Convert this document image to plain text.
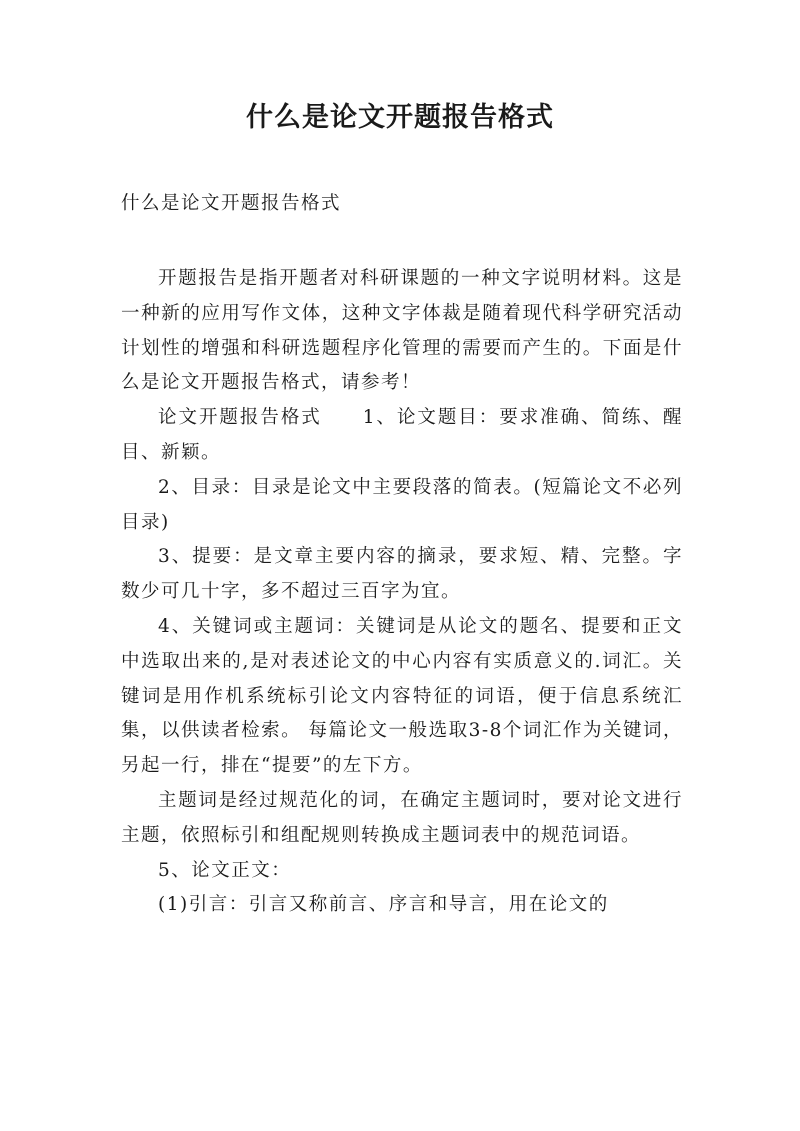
什么是论文开题报告格式

什么是论文开题报告格式

开题报告是指开题者对科研课题的一种文字说明材料。这是一种新的应用写作文体，这种文字体裁是随着现代科学研究活动计划性的增强和科研选题程序化管理的需要而产生的。下面是什么是论文开题报告格式，请参考！

论文开题报告格式　　1、论文题目：要求准确、简练、醒目、新颖。

2、目录：目录是论文中主要段落的简表。(短篇论文不必列目录)

3、提要：是文章主要内容的摘录，要求短、精、完整。字数少可几十字，多不超过三百字为宜。

4、关键词或主题词：关键词是从论文的题名、提要和正文中选取出来的,是对表述论文的中心内容有实质意义的.词汇。关键词是用作机系统标引论文内容特征的词语，便于信息系统汇集，以供读者检索。 每篇论文一般选取3-8个词汇作为关键词，另起一行，排在“提要”的左下方。

主题词是经过规范化的词，在确定主题词时，要对论文进行主题，依照标引和组配规则转换成主题词表中的规范词语。

5、论文正文：

(1)引言：引言又称前言、序言和导言，用在论文的
